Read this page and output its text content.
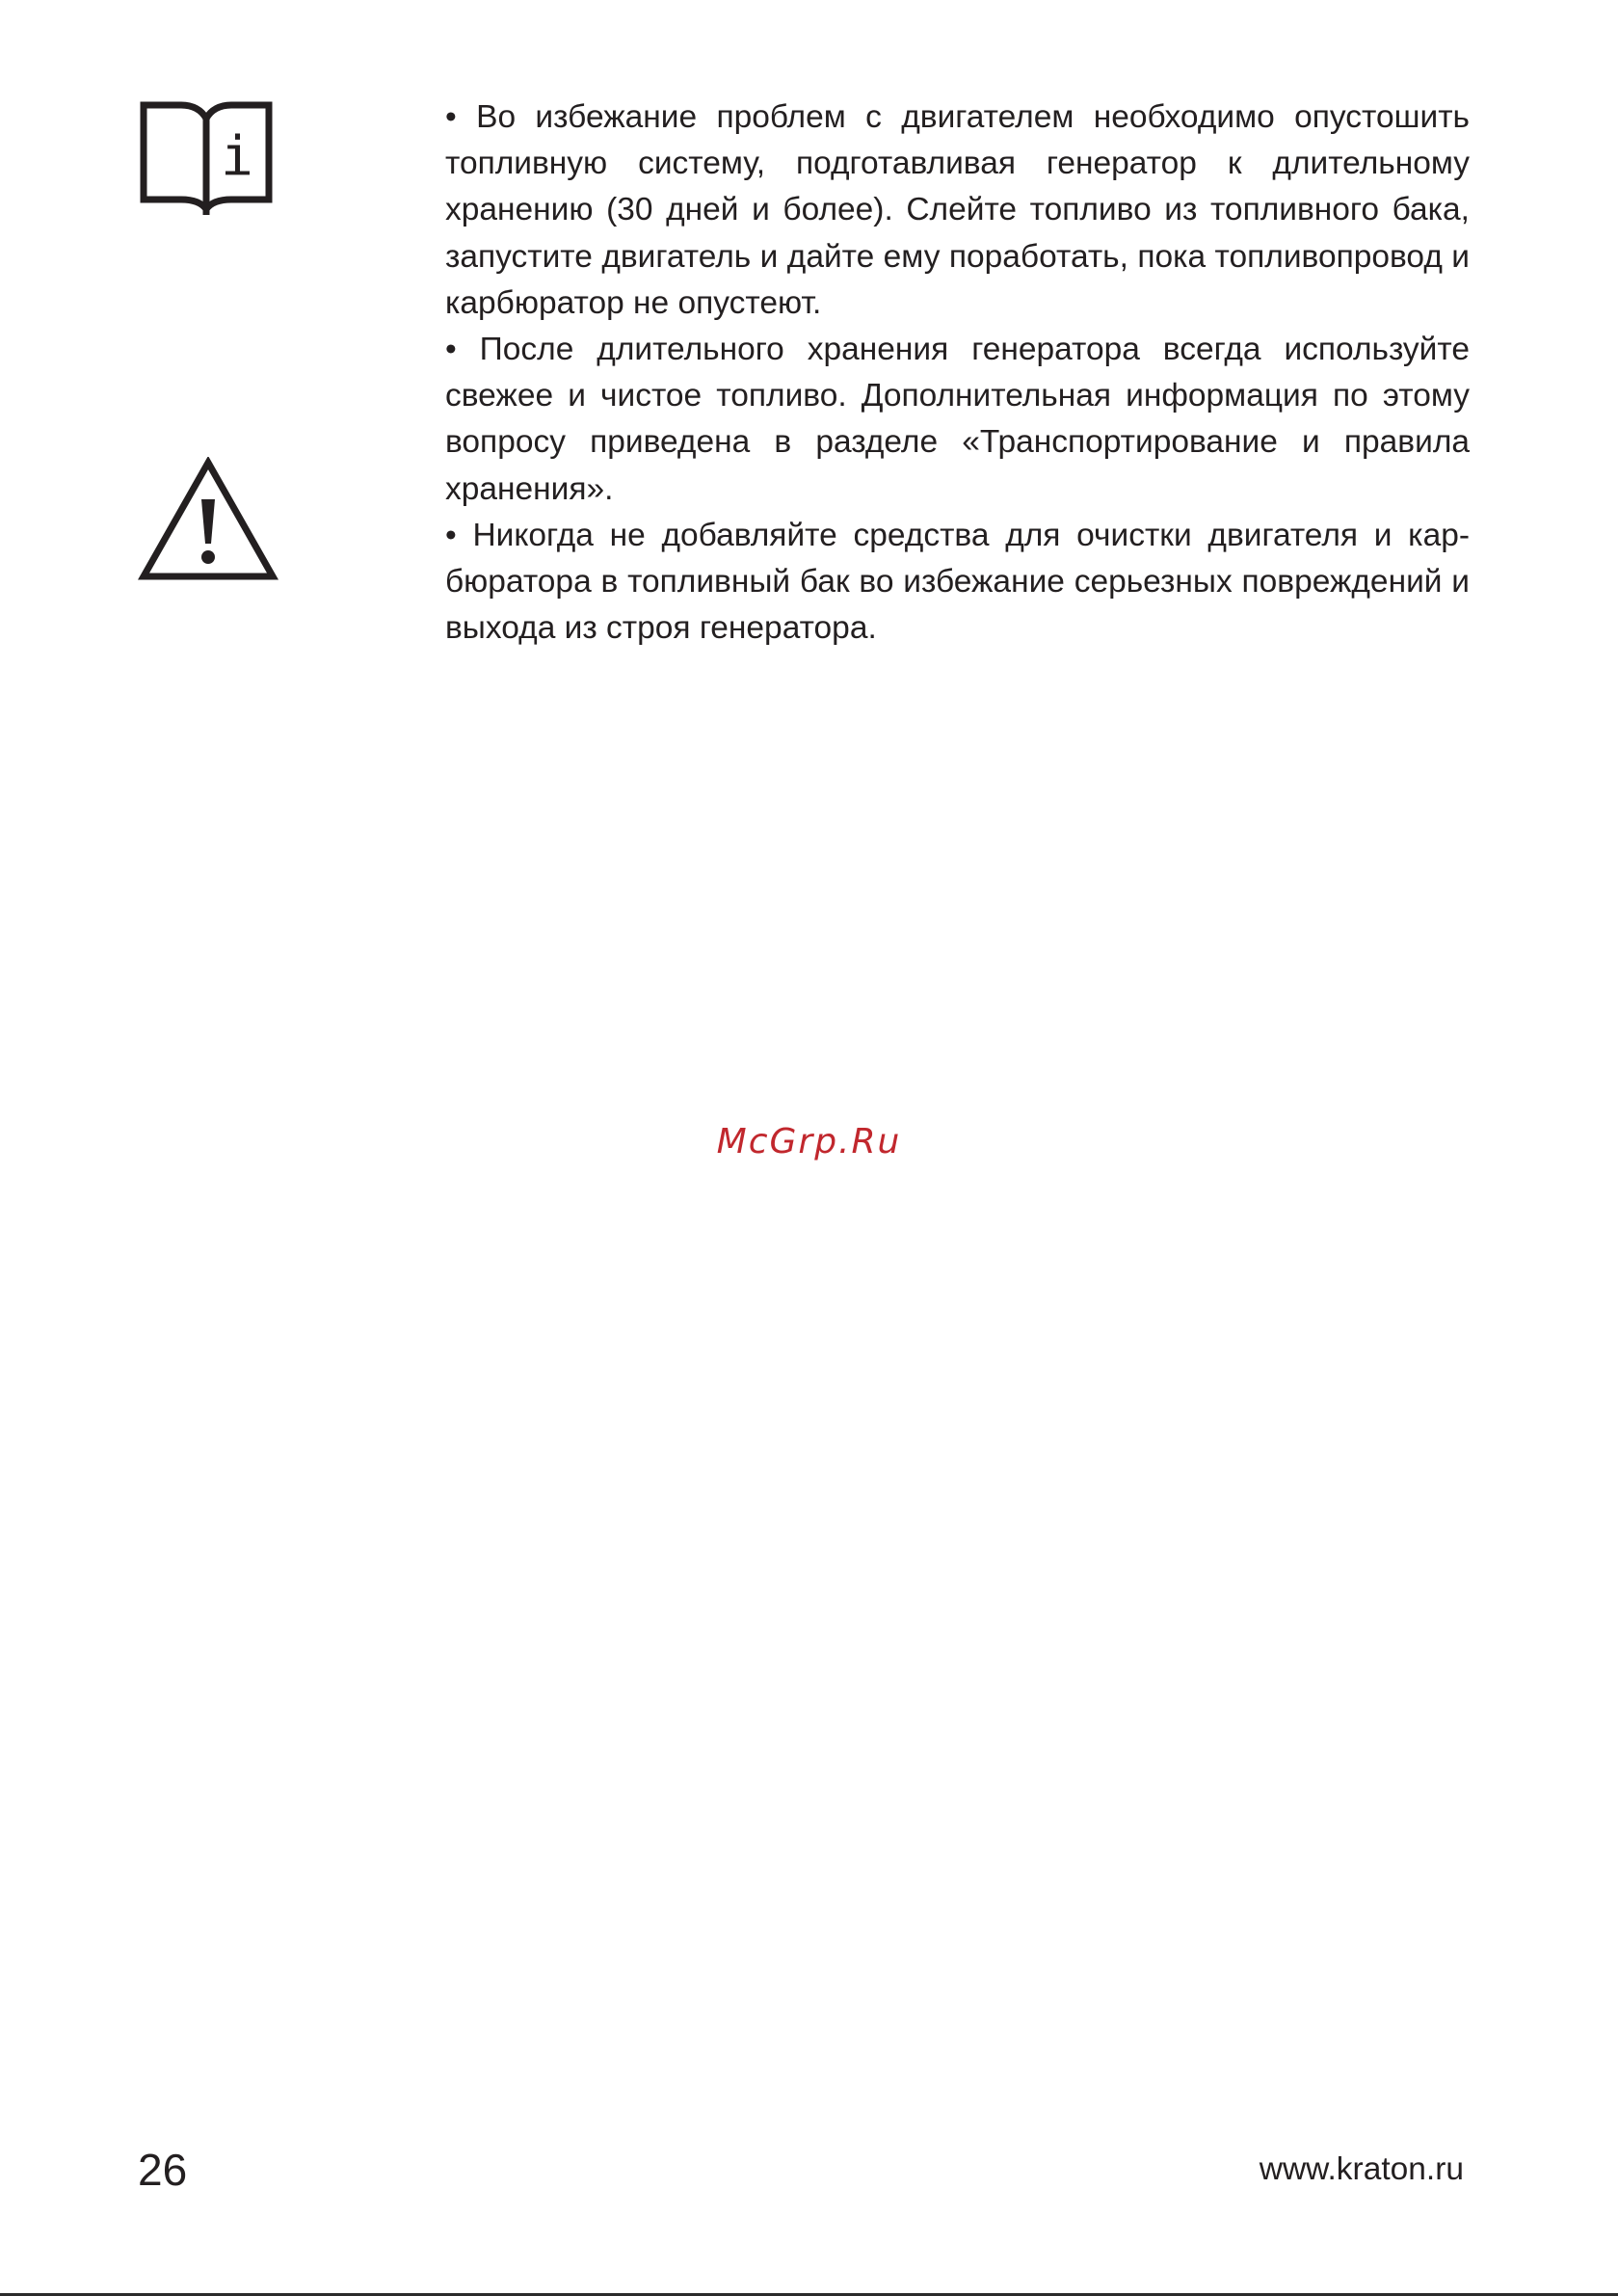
i

• Во избежание проблем с двигателем необходимо опустошить топливную систему, подготавливая генератор к длительному хранению (30 дней и более). Слейте топливо из топливного бака, запустите двигатель и дайте ему поработать, пока топливопровод и карбюратор не опустеют.

• После длительного хранения генератора всегда используйте свежее и чистое топливо. Дополнительная информация по этому вопросу приведена в разделе «Транспортирование и правила хранения».

• Никогда не добавляйте средства для очистки двигателя и карбюратора в топливный бак во избежание серьезных повреждений и выхода из строя генератора.

McGrp.Ru
26	www.kraton.ru
